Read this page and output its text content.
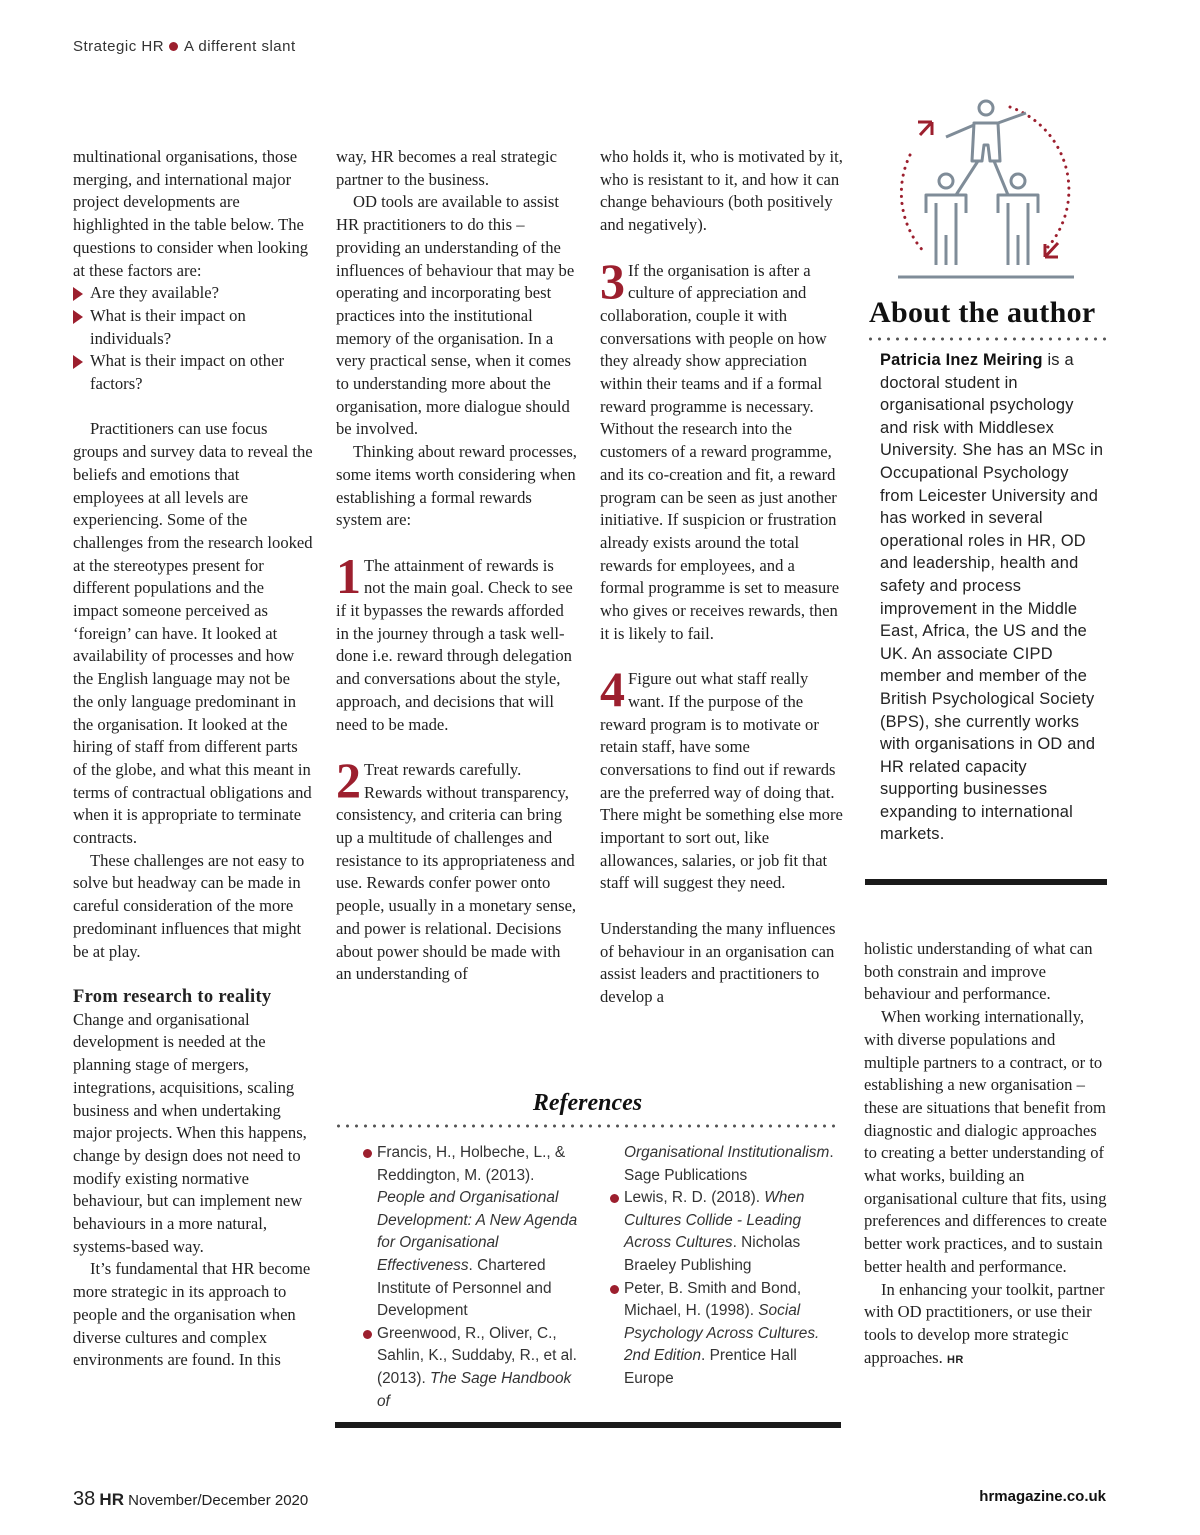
Strategic HR A different slant

multinational organisations, those merging, and international major project developments are highlighted in the table below. The questions to consider when looking at these factors are:

Are they available?
What is their impact on individuals?
What is their impact on other factors?

Practitioners can use focus groups and survey data to reveal the beliefs and emotions that employees at all levels are experiencing. Some of the challenges from the research looked at the stereotypes present for different populations and the impact someone perceived as ‘foreign’ can have. It looked at availability of processes and how the English language may not be the only language predominant in the organisation. It looked at the hiring of staff from different parts of the globe, and what this meant in terms of contractual obligations and when it is appropriate to terminate contracts.

These challenges are not easy to solve but headway can be made in careful consideration of the more predominant influences that might be at play.

From research to reality

Change and organisational development is needed at the planning stage of mergers, integrations, acquisitions, scaling business and when undertaking major projects. When this happens, change by design does not need to modify existing normative behaviour, but can implement new behaviours in a more natural, systems-based way.

It’s fundamental that HR become more strategic in its approach to people and the organisation when diverse cultures and complex environments are found. In this

way, HR becomes a real strategic partner to the business.

OD tools are available to assist HR practitioners to do this – providing an understanding of the influences of behaviour that may be operating and incorporating best practices into the institutional memory of the organisation. In a very practical sense, when it comes to understanding more about the organisation, more dialogue should be involved.

Thinking about reward processes, some items worth considering when establishing a formal rewards system are:

1 The attainment of rewards is not the main goal. Check to see if it bypasses the rewards afforded in the journey through a task well-done i.e. reward through delegation and conversations about the style, approach, and decisions that will need to be made.

2 Treat rewards carefully. Rewards without transparency, consistency, and criteria can bring up a multitude of challenges and resistance to its appropriateness and use. Rewards confer power onto people, usually in a monetary sense, and power is relational. Decisions about power should be made with an understanding of

who holds it, who is motivated by it, who is resistant to it, and how it can change behaviours (both positively and negatively).

3 If the organisation is after a culture of appreciation and collaboration, couple it with conversations with people on how they already show appreciation within their teams and if a formal reward programme is necessary. Without the research into the customers of a reward programme, and its co-creation and fit, a reward program can be seen as just another initiative. If suspicion or frustration already exists around the total rewards for employees, and a formal programme is set to measure who gives or receives rewards, then it is likely to fail.

4 Figure out what staff really want. If the purpose of the reward program is to motivate or retain staff, have some conversations to find out if rewards are the preferred way of doing that. There might be something else more important to sort out, like allowances, salaries, or job fit that staff will suggest they need.

Understanding the many influences of behaviour in an organisation can assist leaders and practitioners to develop a

About the author
Patricia Inez Meiring is a doctoral student in organisational psychology and risk with Middlesex University. She has an MSc in Occupational Psychology from Leicester University and has worked in several operational roles in HR, OD and leadership, health and safety and process improvement in the Middle East, Africa, the US and the UK. An associate CIPD member and member of the British Psychological Society (BPS), she currently works with organisations in OD and HR related capacity supporting businesses expanding to international markets.

holistic understanding of what can both constrain and improve behaviour and performance.

When working internationally, with diverse populations and multiple partners to a contract, or to establishing a new organisation – these are situations that benefit from diagnostic and dialogic approaches to creating a better understanding of what works, building an organisational culture that fits, using preferences and differences to create better work practices, and to sustain better health and performance.

In enhancing your toolkit, partner with OD practitioners, or use their tools to develop more strategic approaches. HR

References
Francis, H., Holbeche, L., & Reddington, M. (2013). People and Organisational Development: A New Agenda for Organisational Effectiveness. Chartered Institute of Personnel and Development
Greenwood, R., Oliver, C., Sahlin, K., Suddaby, R., et al. (2013). The Sage Handbook of
Organisational Institutionalism. Sage Publications
Lewis, R. D. (2018). When Cultures Collide - Leading Across Cultures. Nicholas Braeley Publishing
Peter, B. Smith and Bond, Michael, H. (1998). Social Psychology Across Cultures. 2nd Edition. Prentice Hall Europe
38 HR November/December 2020	hrmagazine.co.uk
